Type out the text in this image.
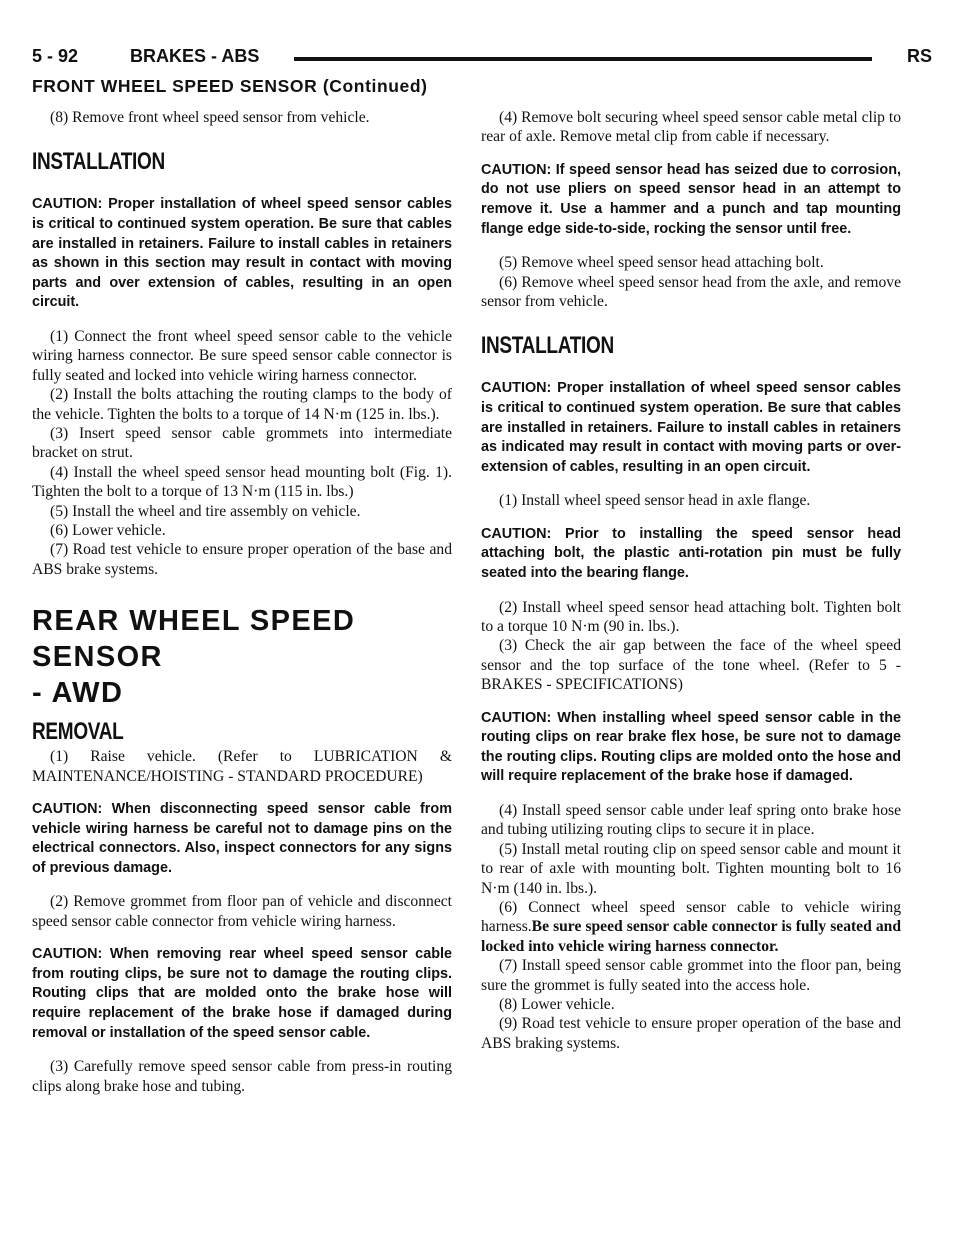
5 - 92	BRAKES - ABS	RS
FRONT WHEEL SPEED SENSOR (Continued)

(8) Remove front wheel speed sensor from vehicle.

INSTALLATION

CAUTION: Proper installation of wheel speed sensor cables is critical to continued system operation. Be sure that cables are installed in retainers. Failure to install cables in retainers as shown in this section may result in contact with moving parts and over extension of cables, resulting in an open circuit.

(1) Connect the front wheel speed sensor cable to the vehicle wiring harness connector. Be sure speed sensor cable connector is fully seated and locked into vehicle wiring harness connector.

(2) Install the bolts attaching the routing clamps to the body of the vehicle. Tighten the bolts to a torque of 14 N·m (125 in. lbs.).

(3) Insert speed sensor cable grommets into intermediate bracket on strut.

(4) Install the wheel speed sensor head mounting bolt (Fig. 1). Tighten the bolt to a torque of 13 N·m (115 in. lbs.)

(5) Install the wheel and tire assembly on vehicle.

(6) Lower vehicle.

(7) Road test vehicle to ensure proper operation of the base and ABS brake systems.

REAR WHEEL SPEED SENSOR
- AWD

REMOVAL

(1) Raise vehicle. (Refer to LUBRICATION & MAINTENANCE/HOISTING - STANDARD PROCEDURE)

CAUTION: When disconnecting speed sensor cable from vehicle wiring harness be careful not to damage pins on the electrical connectors. Also, inspect connectors for any signs of previous damage.

(2) Remove grommet from floor pan of vehicle and disconnect speed sensor cable connector from vehicle wiring harness.

CAUTION: When removing rear wheel speed sensor cable from routing clips, be sure not to damage the routing clips. Routing clips that are molded onto the brake hose will require replacement of the brake hose if damaged during removal or installation of the speed sensor cable.

(3) Carefully remove speed sensor cable from press-in routing clips along brake hose and tubing.

(4) Remove bolt securing wheel speed sensor cable metal clip to rear of axle. Remove metal clip from cable if necessary.

CAUTION: If speed sensor head has seized due to corrosion, do not use pliers on speed sensor head in an attempt to remove it. Use a hammer and a punch and tap mounting flange edge side-to-side, rocking the sensor until free.

(5) Remove wheel speed sensor head attaching bolt.

(6) Remove wheel speed sensor head from the axle, and remove sensor from vehicle.

INSTALLATION

CAUTION: Proper installation of wheel speed sensor cables is critical to continued system operation. Be sure that cables are installed in retainers. Failure to install cables in retainers as indicated may result in contact with moving parts or over-extension of cables, resulting in an open circuit.

(1) Install wheel speed sensor head in axle flange.

CAUTION: Prior to installing the speed sensor head attaching bolt, the plastic anti-rotation pin must be fully seated into the bearing flange.

(2) Install wheel speed sensor head attaching bolt. Tighten bolt to a torque 10 N·m (90 in. lbs.).

(3) Check the air gap between the face of the wheel speed sensor and the top surface of the tone wheel. (Refer to 5 - BRAKES - SPECIFICATIONS)

CAUTION: When installing wheel speed sensor cable in the routing clips on rear brake flex hose, be sure not to damage the routing clips. Routing clips are molded onto the hose and will require replacement of the brake hose if damaged.

(4) Install speed sensor cable under leaf spring onto brake hose and tubing utilizing routing clips to secure it in place.

(5) Install metal routing clip on speed sensor cable and mount it to rear of axle with mounting bolt. Tighten mounting bolt to 16 N·m (140 in. lbs.).

(6) Connect wheel speed sensor cable to vehicle wiring harness.Be sure speed sensor cable connector is fully seated and locked into vehicle wiring harness connector.

(7) Install speed sensor cable grommet into the floor pan, being sure the grommet is fully seated into the access hole.

(8) Lower vehicle.

(9) Road test vehicle to ensure proper operation of the base and ABS braking systems.
